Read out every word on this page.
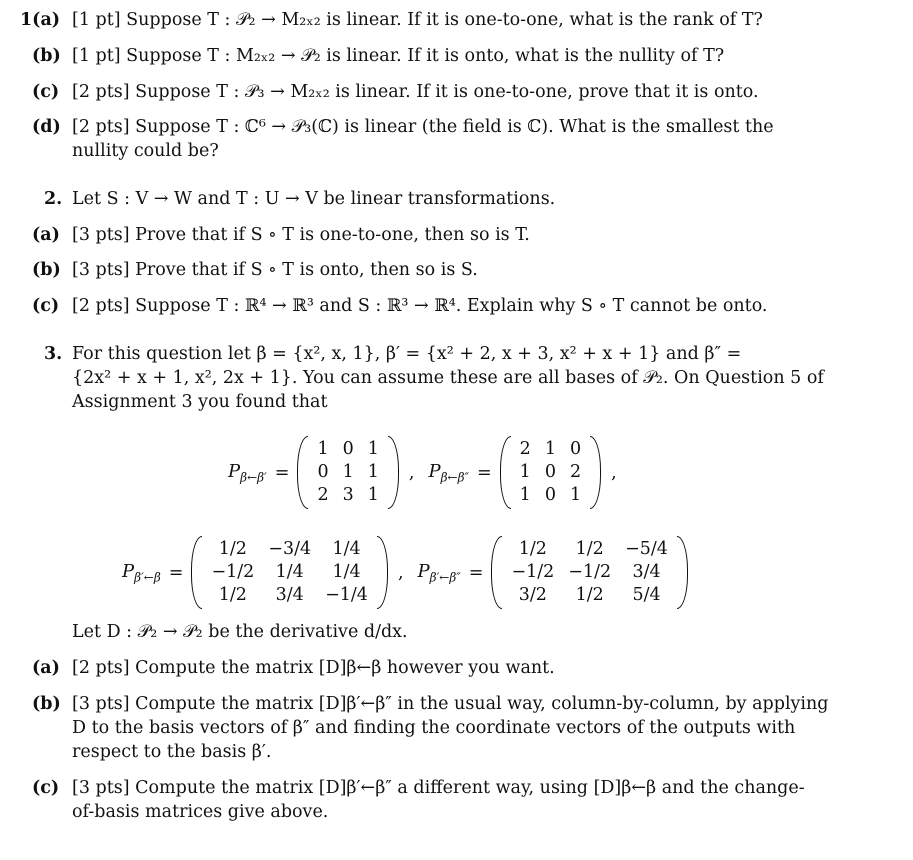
1(a) [1 pt] Suppose T : 𝒫₂ → M₂ₓ₂ is linear. If it is one-to-one, what is the rank of T?
(b) [1 pt] Suppose T : M₂ₓ₂ → 𝒫₂ is linear. If it is onto, what is the nullity of T?
(c) [2 pts] Suppose T : 𝒫₃ → M₂ₓ₂ is linear. If it is one-to-one, prove that it is onto.
(d) [2 pts] Suppose T : ℂ⁶ → 𝒫₃(ℂ) is linear (the field is ℂ). What is the smallest the
nullity could be?
2. Let S : V → W and T : U → V be linear transformations.
(a) [3 pts] Prove that if S ∘ T is one-to-one, then so is T.
(b) [3 pts] Prove that if S ∘ T is onto, then so is S.
(c) [2 pts] Suppose T : ℝ⁴ → ℝ³ and S : ℝ³ → ℝ⁴. Explain why S ∘ T cannot be onto.
3. For this question let β = {x², x, 1}, β′ = {x² + 2, x + 3, x² + x + 1} and β″ =
{2x² + x + 1, x², 2x + 1}. You can assume these are all bases of 𝒫₂. On Question 5 of
Assignment 3 you found that
$P_{\beta\leftarrow\beta'}$ =
1	0	1
0	1	1
2	3	1
, $P_{\beta\leftarrow\beta''}$ =
2	1	0
1	0	2
1	0	1
,
$P_{\beta'\leftarrow\beta}$ =
1/2	−3/4	1/4
−1/2	1/4	1/4
1/2	3/4	−1/4
, $P_{\beta'\leftarrow\beta''}$ =
1/2	1/2	−5/4
−1/2	−1/2	3/4
3/2	1/2	5/4
Let D : 𝒫₂ → 𝒫₂ be the derivative d/dx.
(a) [2 pts] Compute the matrix [D]β←β however you want.
(b) [3 pts] Compute the matrix [D]β′←β″ in the usual way, column-by-column, by applying
D to the basis vectors of β″ and finding the coordinate vectors of the outputs with
respect to the basis β′.
(c) [3 pts] Compute the matrix [D]β′←β″ a different way, using [D]β←β and the change-
of-basis matrices give above.
